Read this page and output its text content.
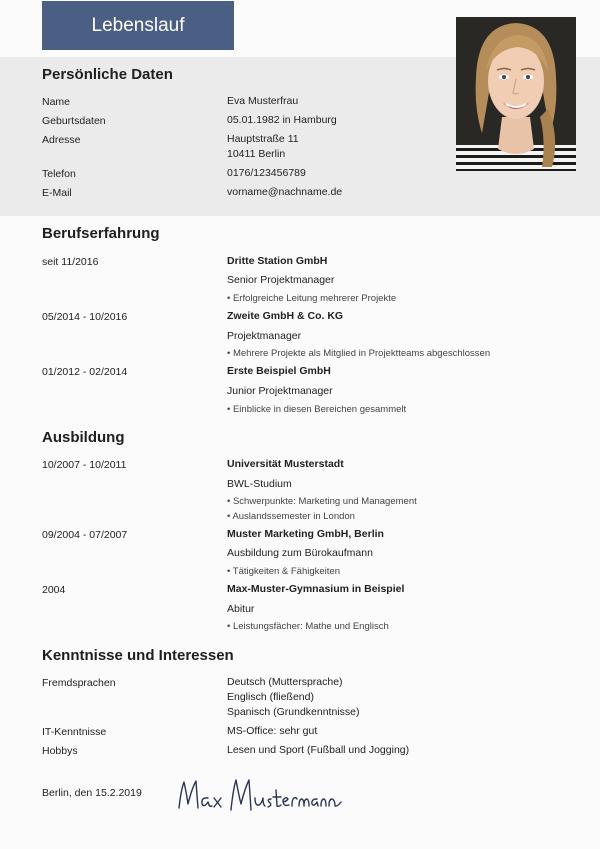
Lebenslauf
Persönliche Daten
Name	Eva Musterfrau
Geburtsdaten	05.01.1982 in Hamburg
Adresse	Hauptstraße 11
10411 Berlin
Telefon	0176/123456789
E-Mail	vorname@nachname.de
Berufserfahrung
seit 11/2016	Dritte Station GmbH
Senior Projektmanager
• Erfolgreiche Leitung mehrerer Projekte
05/2014 - 10/2016	Zweite GmbH & Co. KG
Projektmanager
• Mehrere Projekte als Mitglied in Projektteams abgeschlossen
01/2012 - 02/2014	Erste Beispiel GmbH
Junior Projektmanager
• Einblicke in diesen Bereichen gesammelt
Ausbildung
10/2007 - 10/2011	Universität Musterstadt
BWL-Studium
• Schwerpunkte: Marketing und Management
• Auslandssemester in London
09/2004 - 07/2007	Muster Marketing GmbH, Berlin
Ausbildung zum Bürokaufmann
• Tätigkeiten & Fähigkeiten
2004	Max-Muster-Gymnasium in Beispiel
Abitur
• Leistungsfächer: Mathe und Englisch
Kenntnisse und Interessen
Fremdsprachen	Deutsch (Muttersprache)
Englisch (fließend)
Spanisch (Grundkenntnisse)
IT-Kenntnisse	MS-Office: sehr gut
Hobbys	Lesen und Sport (Fußball und Jogging)
Berlin, den 15.2.2019
